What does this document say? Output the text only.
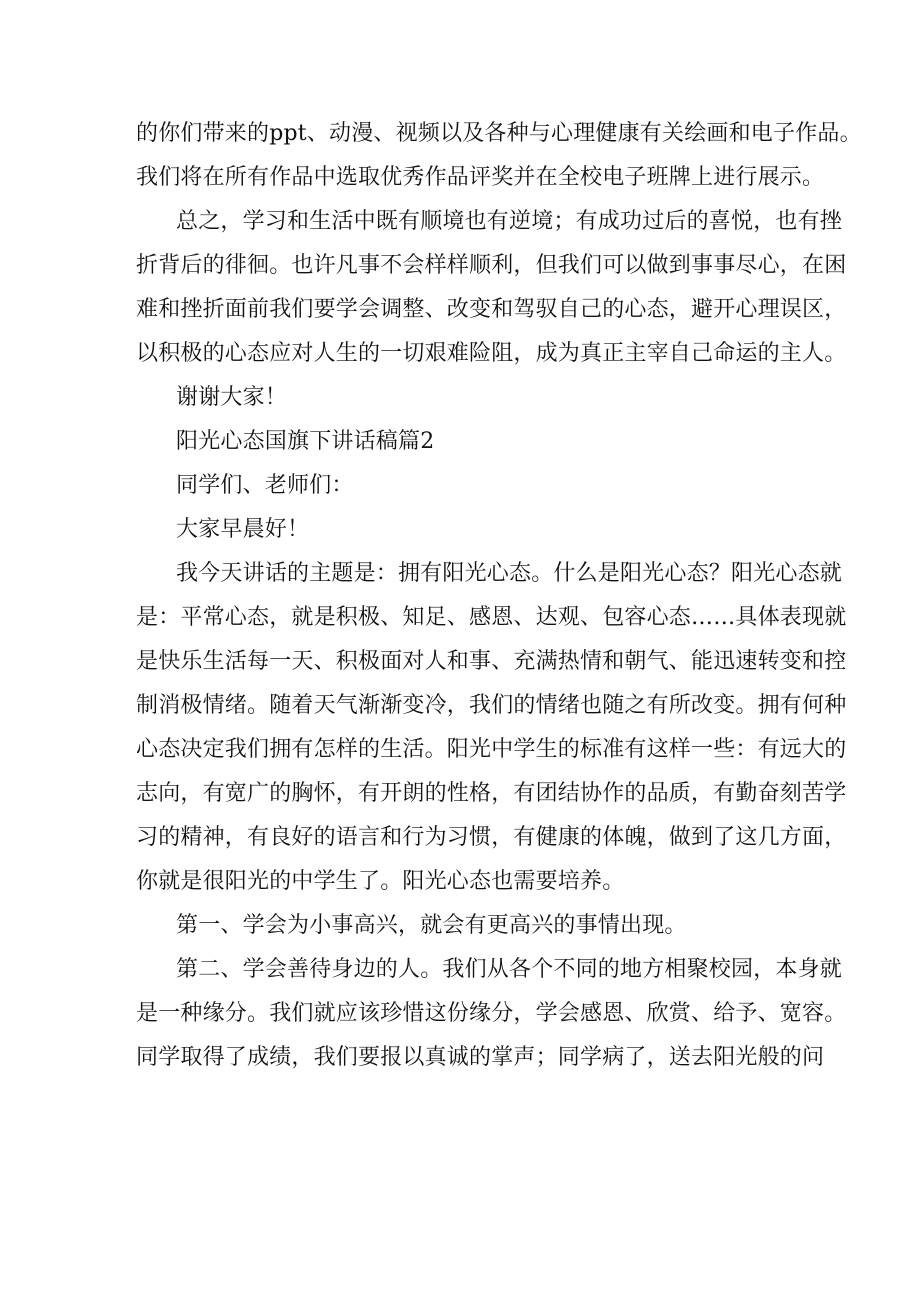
的你们带来的ppt、动漫、视频以及各种与心理健康有关绘画和电子作品。
我们将在所有作品中选取优秀作品评奖并在全校电子班牌上进行展示。
总之，学习和生活中既有顺境也有逆境；有成功过后的喜悦，也有挫
折背后的徘徊。也许凡事不会样样顺利，但我们可以做到事事尽心，在困
难和挫折面前我们要学会调整、改变和驾驭自己的心态，避开心理误区，
以积极的心态应对人生的一切艰难险阻，成为真正主宰自己命运的主人。
谢谢大家！
阳光心态国旗下讲话稿篇2
同学们、老师们：
大家早晨好！
我今天讲话的主题是：拥有阳光心态。什么是阳光心态？阳光心态就
是：平常心态，就是积极、知足、感恩、达观、包容心态……具体表现就
是快乐生活每一天、积极面对人和事、充满热情和朝气、能迅速转变和控
制消极情绪。随着天气渐渐变冷，我们的情绪也随之有所改变。拥有何种
心态决定我们拥有怎样的生活。阳光中学生的标准有这样一些：有远大的
志向，有宽广的胸怀，有开朗的性格，有团结协作的品质，有勤奋刻苦学
习的精神，有良好的语言和行为习惯，有健康的体魄，做到了这几方面，
你就是很阳光的中学生了。阳光心态也需要培养。
第一、学会为小事高兴，就会有更高兴的事情出现。
第二、学会善待身边的人。我们从各个不同的地方相聚校园，本身就
是一种缘分。我们就应该珍惜这份缘分，学会感恩、欣赏、给予、宽容。
同学取得了成绩，我们要报以真诚的掌声；同学病了，送去阳光般的问
